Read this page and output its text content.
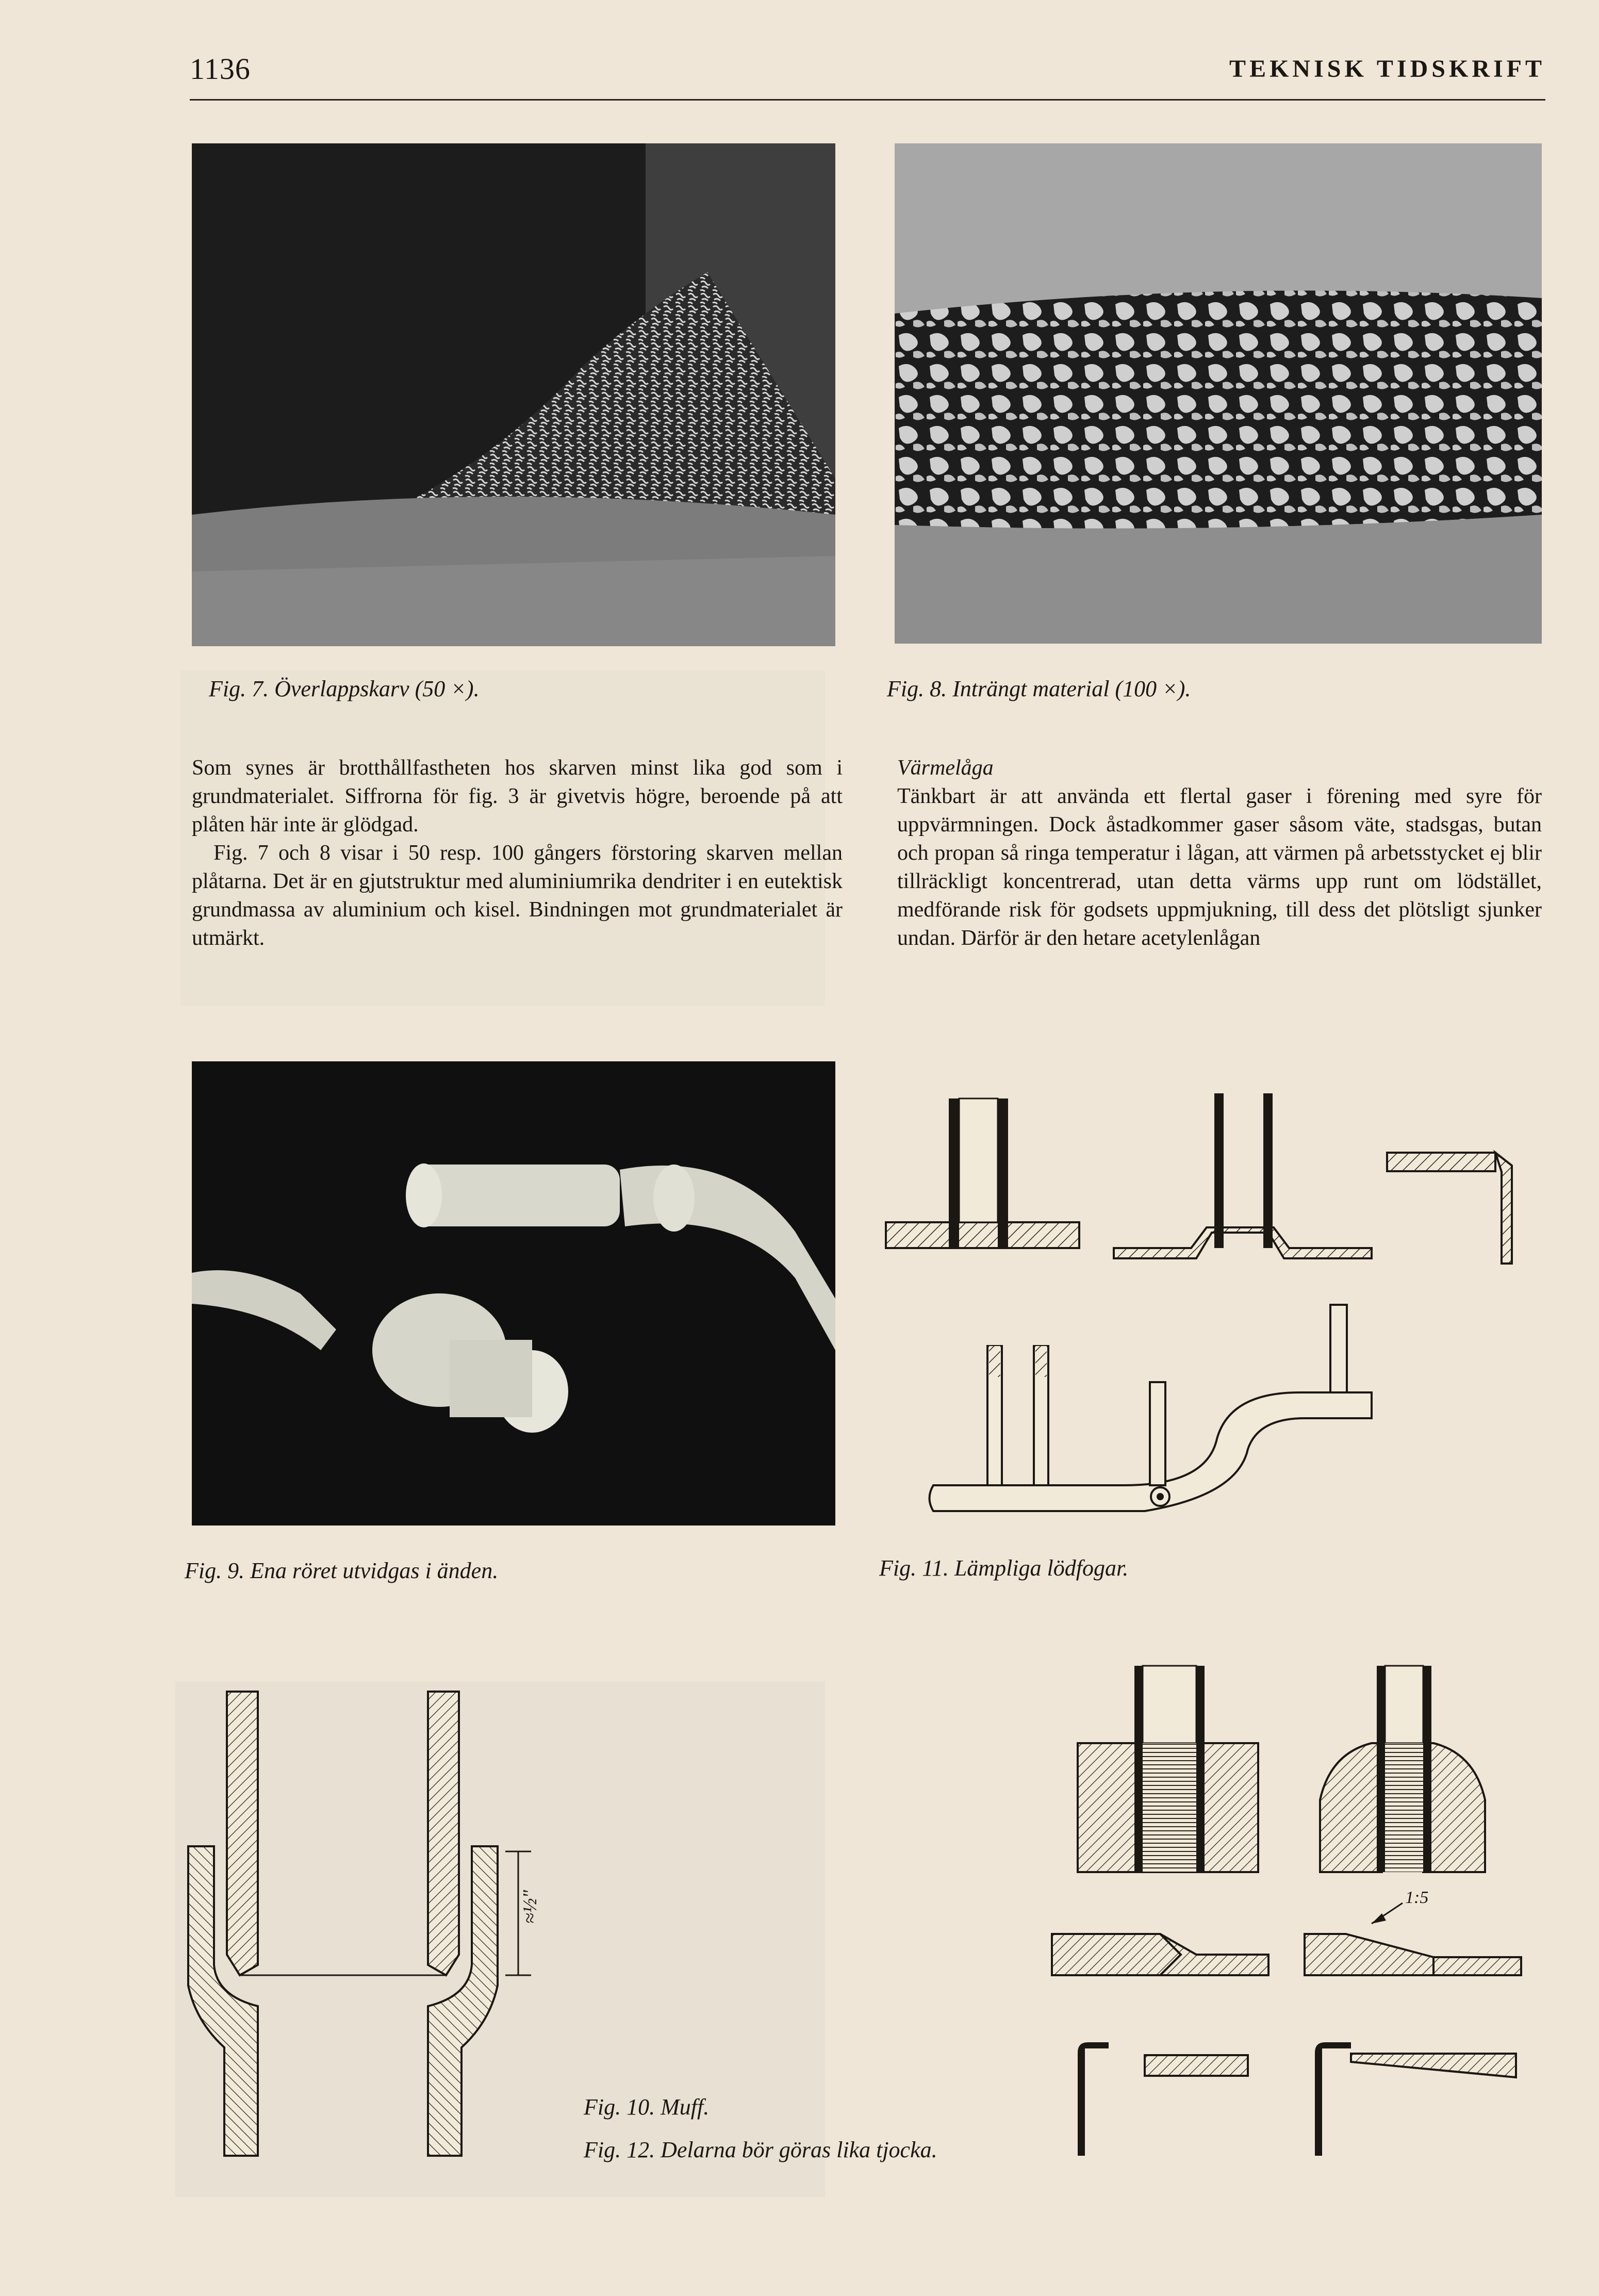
1136	TEKNISK TIDSKRIFT
Fig. 7. Överlappskarv (50 ×).	Fig. 8. Inträngt material (100 ×).

Som synes är brotthållfastheten hos skarven minst lika god som i grundmaterialet. Siffrorna för fig. 3 är givetvis högre, beroende på att plåten här inte är glödgad.

Fig. 7 och 8 visar i 50 resp. 100 gångers förstoring skarven mellan plåtarna. Det är en gjutstruktur med aluminiumrika dendriter i en eutektisk grundmassa av aluminium och kisel. Bindningen mot grundmaterialet är utmärkt.

Värmelåga

Tänkbart är att använda ett flertal gaser i förening med syre för uppvärmningen. Dock åstadkommer gaser såsom väte, stadsgas, butan och propan så ringa temperatur i lågan, att värmen på arbetsstycket ej blir tillräckligt koncentrerad, utan detta värms upp runt om lödstället, medförande risk för godsets uppmjukning, till dess det plötsligt sjunker undan. Därför är den hetare acetylenlågan

Fig. 9. Ena röret utvidgas i änden.	Fig. 11. Lämpliga lödfogar.
≈½"
Fig. 10. Muff.
Fig. 12. Delarna bör göras lika tjocka.
1:5
